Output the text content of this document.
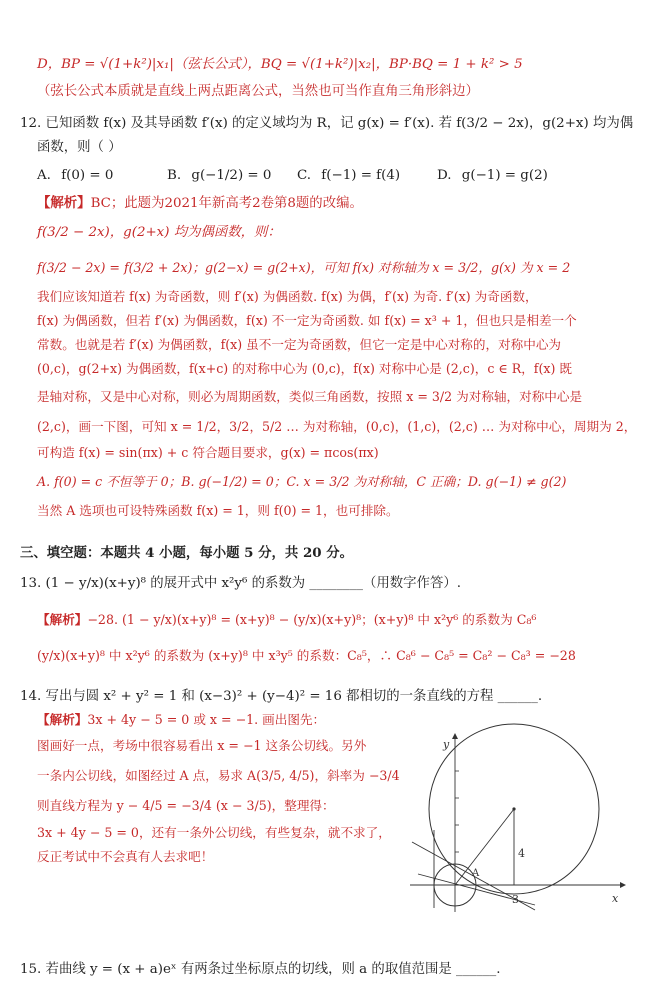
D，BP = √(1+k²)|x₁|（弦长公式），BQ = √(1+k²)|x₂|，BP·BQ = 1 + k² > 5
（弦长公式本质就是直线上两点距离公式，当然也可当作直角三角形斜边）
12. 已知函数 f(x) 及其导函数 f′(x) 的定义域均为 R，记 g(x) = f′(x). 若 f(3/2 − 2x)，g(2+x) 均为偶
函数，则（ ）
A. f(0) = 0	B. g(−1/2) = 0 C. f(−1) = f(4)	D. g(−1) = g(2)
【解析】BC；此题为2021年新高考2卷第8题的改编。
f(3/2 − 2x)，g(2+x) 均为偶函数，则：
f(3/2 − 2x) = f(3/2 + 2x)；g(2−x) = g(2+x)，可知 f(x) 对称轴为 x = 3/2，g(x) 为 x = 2
我们应该知道若 f(x) 为奇函数，则 f′(x) 为偶函数. f(x) 为偶，f′(x) 为奇. f′(x) 为奇函数，
f(x) 为偶函数，但若 f′(x) 为偶函数，f(x) 不一定为奇函数. 如 f(x) = x³ + 1，但也只是相差一个
常数。也就是若 f′(x) 为偶函数，f(x) 虽不一定为奇函数，但它一定是中心对称的，对称中心为
(0,c)，g(2+x) 为偶函数，f(x+c) 的对称中心为 (0,c)，f(x) 对称中心是 (2,c)，c ∈ R，f(x) 既
是轴对称，又是中心对称，则必为周期函数，类似三角函数，按照 x = 3/2 为对称轴，对称中心是
(2,c)，画一下图，可知 x = 1/2，3/2，5/2 … 为对称轴，(0,c)，(1,c)，(2,c) … 为对称中心，周期为 2，
可构造 f(x) = sin(πx) + c 符合题目要求，g(x) = πcos(πx)
A. f(0) = c 不恒等于 0；B. g(−1/2) = 0；C. x = 3/2 为对称轴，C 正确；D. g(−1) ≠ g(2)
当然 A 选项也可设特殊函数 f(x) = 1，则 f(0) = 1，也可排除。
三、填空题：本题共 4 小题，每小题 5 分，共 20 分。
13. (1 − y/x)(x+y)⁸ 的展开式中 x²y⁶ 的系数为 ________（用数字作答）.
【解析】−28. (1 − y/x)(x+y)⁸ = (x+y)⁸ − (y/x)(x+y)⁸；(x+y)⁸ 中 x²y⁶ 的系数为 C₈⁶
(y/x)(x+y)⁸ 中 x²y⁶ 的系数为 (x+y)⁸ 中 x³y⁵ 的系数：C₈⁵，∴ C₈⁶ − C₈⁵ = C₈² − C₈³ = −28
14. 写出与圆 x² + y² = 1 和 (x−3)² + (y−4)² = 16 都相切的一条直线的方程 ______.
【解析】3x + 4y − 5 = 0 或 x = −1. 画出图先：
图画好一点，考场中很容易看出 x = −1 这条公切线。另外
一条内公切线，如图经过 A 点，易求 A(3/5, 4/5)，斜率为 −3/4
则直线方程为 y − 4/5 = −3/4 (x − 3/5)，整理得：
3x + 4y − 5 = 0，还有一条外公切线，有些复杂，就不求了，
反正考试中不会真有人去求吧！
y
x
A
4
3
15. 若曲线 y = (x + a)eˣ 有两条过坐标原点的切线，则 a 的取值范围是 ______.
